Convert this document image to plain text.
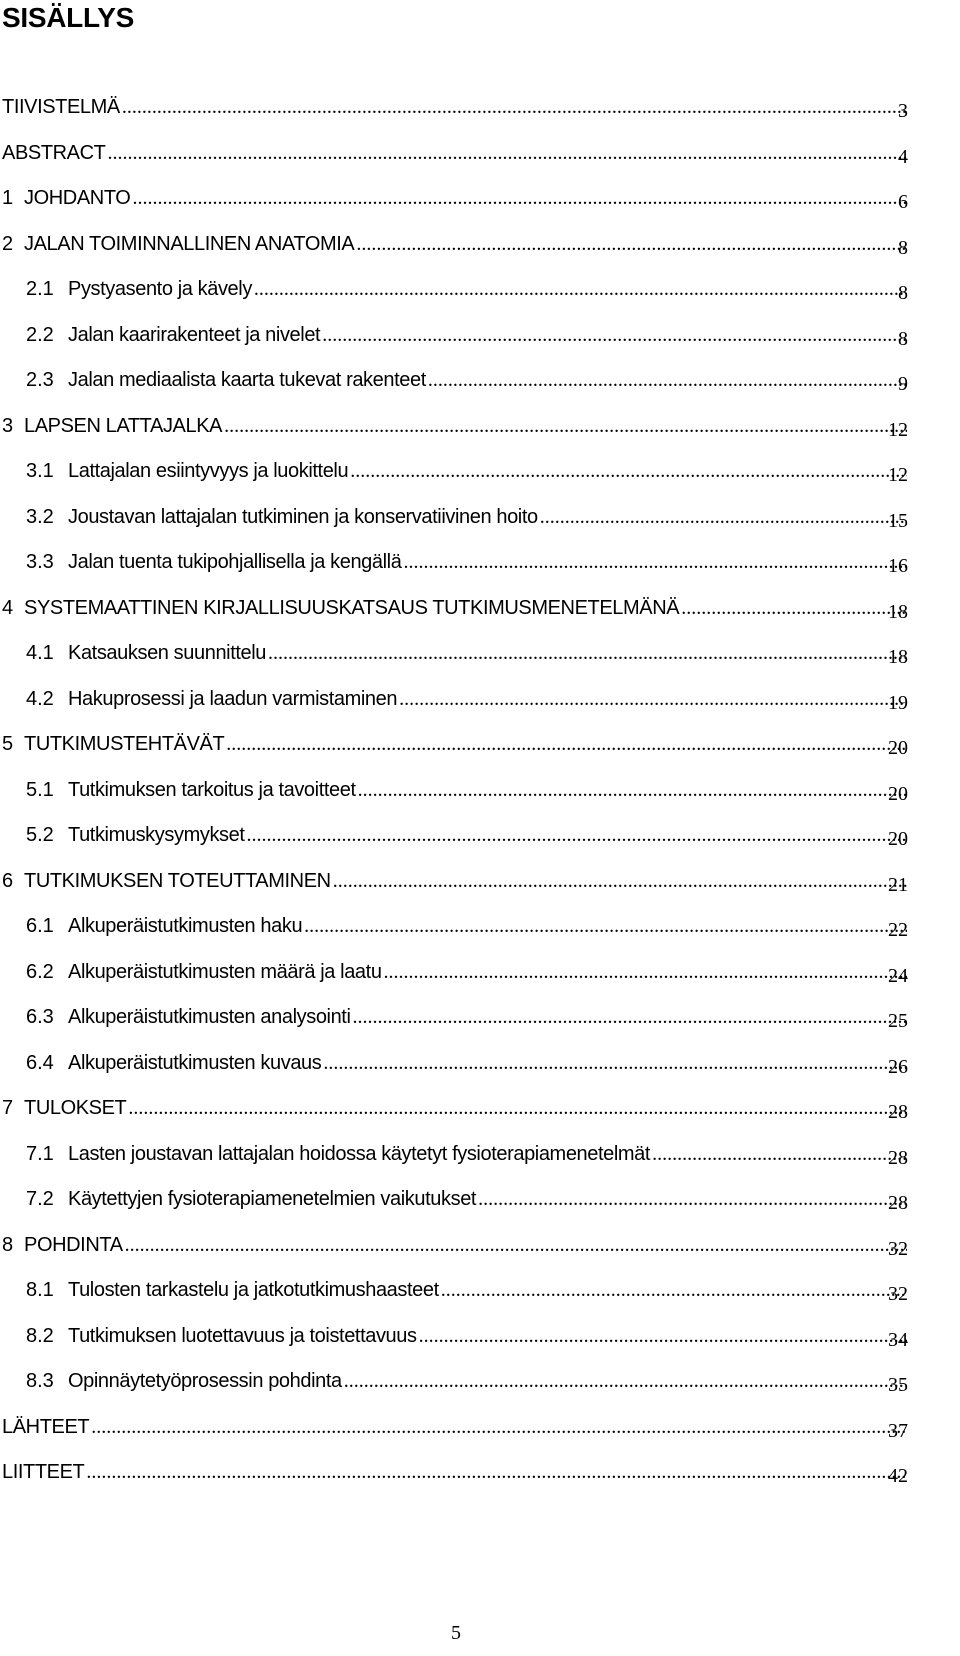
SISÄLLYS
TIIVISTELMÄ .....	3
ABSTRACT .....	4
1 JOHDANTO .....	6
2 JALAN TOIMINNALLINEN ANATOMIA .....	8
2.1 Pystyasento ja kävely .....	8
2.2 Jalan kaarirakenteet ja nivelet .....	8
2.3 Jalan mediaalista kaarta tukevat rakenteet .....	9
3 LAPSEN LATTAJALKA .....	12
3.1 Lattajalan esiintyvyys ja luokittelu .....	12
3.2 Joustavan lattajalan tutkiminen ja konservatiivinen hoito .....	15
3.3 Jalan tuenta tukipohjallisella ja kengällä .....	16
4 SYSTEMAATTINEN KIRJALLISUUSKATSAUS TUTKIMUSMENETELMÄNÄ .....	18
4.1 Katsauksen suunnittelu .....	18
4.2 Hakuprosessi ja laadun varmistaminen .....	19
5 TUTKIMUSTEHTÄVÄT .....	20
5.1 Tutkimuksen tarkoitus ja tavoitteet .....	20
5.2 Tutkimuskysymykset .....	20
6 TUTKIMUKSEN TOTEUTTAMINEN .....	21
6.1 Alkuperäistutkimusten haku .....	22
6.2 Alkuperäistutkimusten määrä ja laatu .....	24
6.3 Alkuperäistutkimusten analysointi .....	25
6.4 Alkuperäistutkimusten kuvaus .....	26
7 TULOKSET .....	28
7.1 Lasten joustavan lattajalan hoidossa käytetyt fysioterapiamenetelmät .....	28
7.2 Käytettyjen fysioterapiamenetelmien vaikutukset .....	28
8 POHDINTA .....	32
8.1 Tulosten tarkastelu ja jatkotutkimushaasteet .....	32
8.2 Tutkimuksen luotettavuus ja toistettavuus .....	34
8.3 Opinnäytetyöprosessin pohdinta .....	35
LÄHTEET .....	37
LIITTEET .....	42
5
